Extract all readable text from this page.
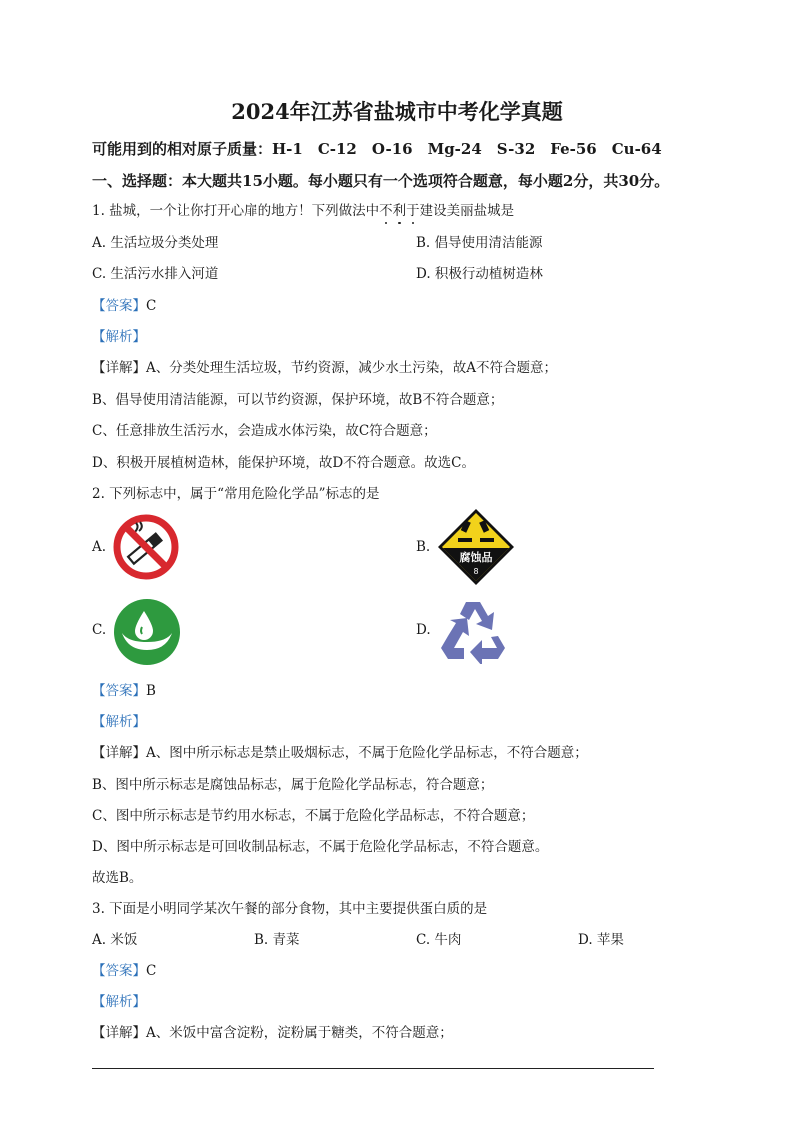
2024年江苏省盐城市中考化学真题
可能用到的相对原子质量：H-1　C-12　O-16　Mg-24　S-32　Fe-56　Cu-64
一、选择题：本大题共15小题。每小题只有一个选项符合题意，每小题2分，共30分。
1. 盐城，一个让你打开心扉的地方！下列做法中不利于建设美丽盐城是
A. 生活垃圾分类处理	B. 倡导使用清洁能源
C. 生活污水排入河道	D. 积极行动植树造林
【答案】C
【解析】
【详解】A、分类处理生活垃圾，节约资源，减少水土污染，故A不符合题意；
B、倡导使用清洁能源，可以节约资源，保护环境，故B不符合题意；
C、任意排放生活污水，会造成水体污染，故C符合题意；
D、积极开展植树造林，能保护环境，故D不符合题意。故选C。
2. 下列标志中，属于“常用危险化学品”标志的是
A.	B.
腐蚀品
8
C.	D.
【答案】B
【解析】
【详解】A、图中所示标志是禁止吸烟标志，不属于危险化学品标志，不符合题意；
B、图中所示标志是腐蚀品标志，属于危险化学品标志，符合题意；
C、图中所示标志是节约用水标志，不属于危险化学品标志，不符合题意；
D、图中所示标志是可回收制品标志，不属于危险化学品标志，不符合题意。
故选B。
3. 下面是小明同学某次午餐的部分食物，其中主要提供蛋白质的是
A. 米饭	B. 青菜	C. 牛肉	D. 苹果
【答案】C
【解析】
【详解】A、米饭中富含淀粉，淀粉属于糖类，不符合题意；
